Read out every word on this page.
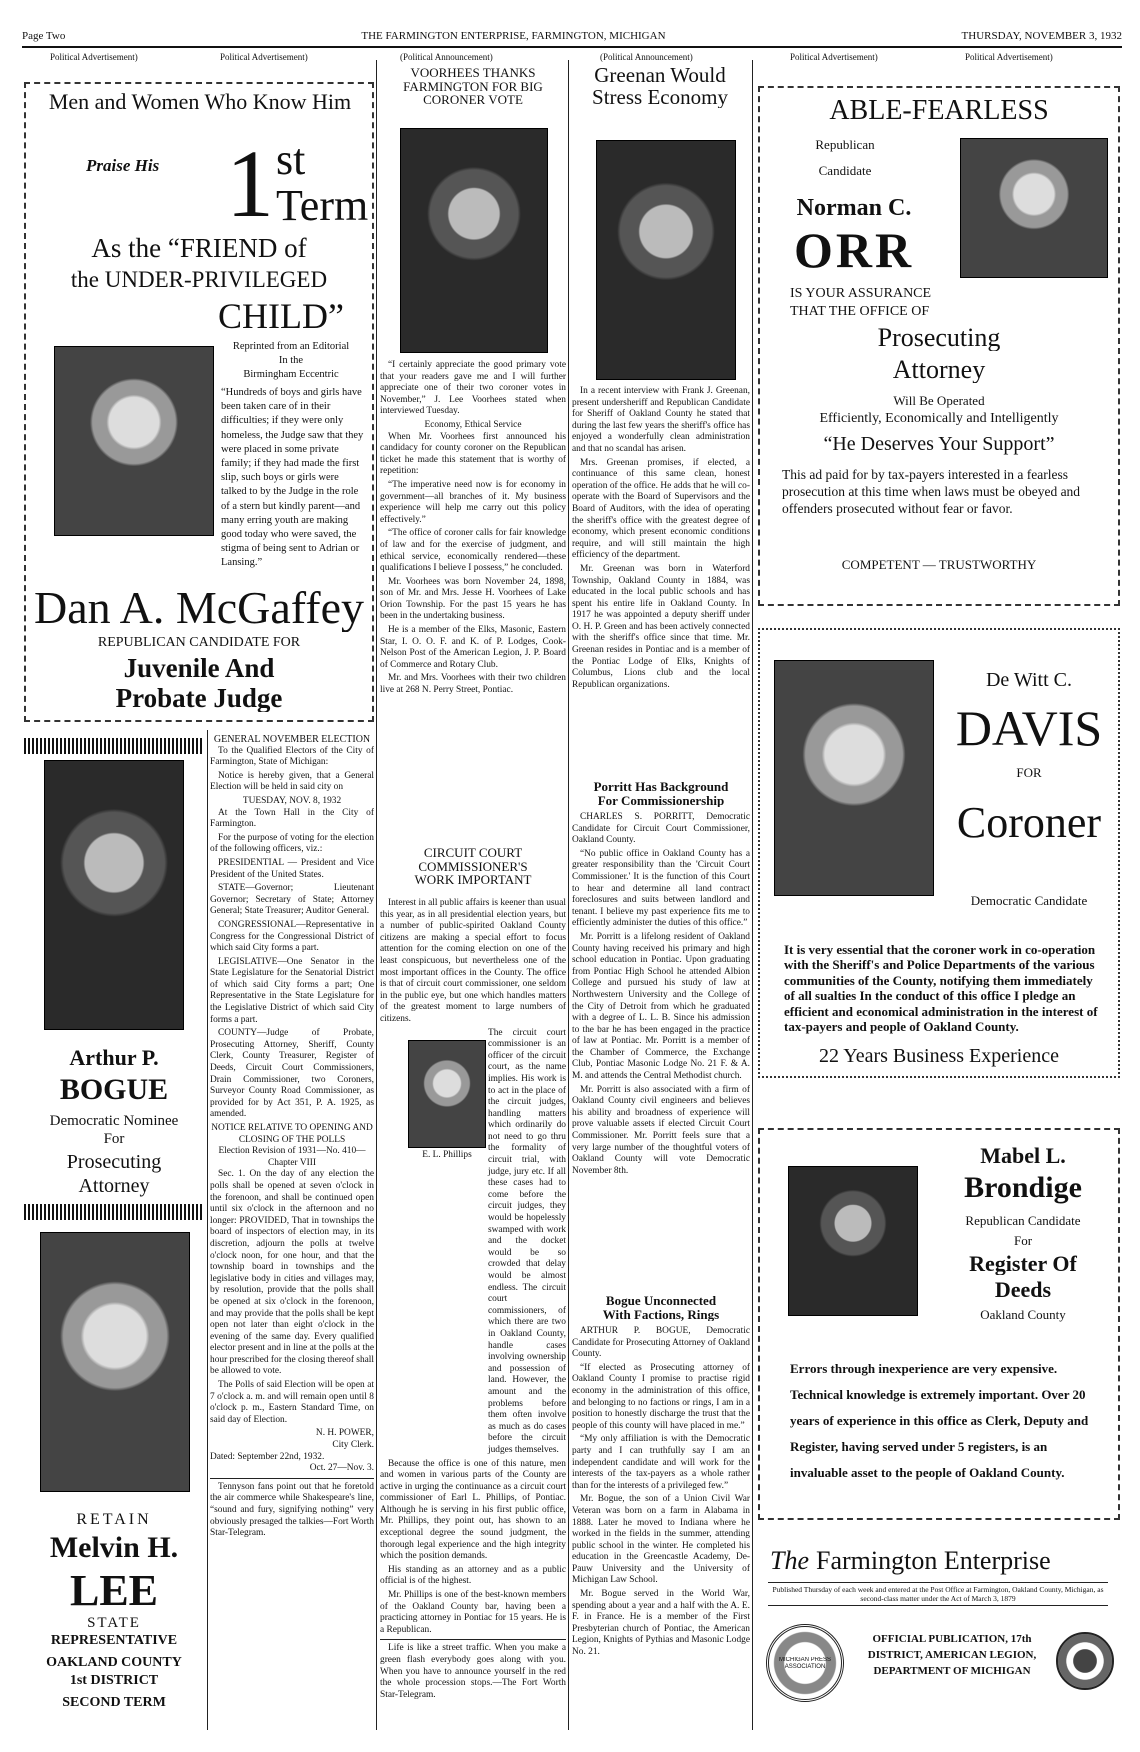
Page Two	THE FARMINGTON ENTERPRISE, FARMINGTON, MICHIGAN	THURSDAY, NOVEMBER 3, 1932
Political Advertisement)	Political Advertisement)	(Political Announcement)	(Political Announcement)	Political Advertisement)	Political Advertisement)
Men and Women Who Know Him
Praise His 1 st
Term
As the “FRIEND of
the UNDER-PRIVILEGED
CHILD”
Reprinted from an Editorial
In the
Birmingham Eccentric
“Hundreds of boys and girls have been taken care of in their difficulties; if they were only homeless, the Judge saw that they were placed in some private family; if they had made the first slip, such boys or girls were talked to by the Judge in the role of a stern but kindly parent—and many erring youth are making good today who were saved, the stigma of being sent to Adrian or Lansing.”
Dan A. McGaffey
REPUBLICAN CANDIDATE FOR
Juvenile And
Probate Judge
Arthur P.
BOGUE
Democratic Nominee
For
Prosecuting
Attorney
RETAIN
Melvin H.
LEE
STATE
REPRESENTATIVE
OAKLAND COUNTY
1st DISTRICT
SECOND TERM
GENERAL NOVEMBER ELECTION

To the Qualified Electors of the City of Farmington, State of Michigan:

Notice is hereby given, that a General Election will be held in said city on

TUESDAY, NOV. 8, 1932

At the Town Hall in the City of Farmington.

For the purpose of voting for the election of the following officers, viz.:

PRESIDENTIAL — President and Vice President of the United States.

STATE—Governor; Lieutenant Governor; Secretary of State; Attorney General; State Treasurer; Auditor General.

CONGRESSIONAL—Representative in Congress for the Congressional District of which said City forms a part.

LEGISLATIVE—One Senator in the State Legislature for the Senatorial District of which said City forms a part; One Representative in the State Legislature for the Legislative District of which said City forms a part.

COUNTY—Judge of Probate, Prosecuting Attorney, Sheriff, County Clerk, County Treasurer, Register of Deeds, Circuit Court Commissioners, Drain Commissioner, two Coroners, Surveyor County Road Commissioner, as provided for by Act 351, P. A. 1925, as amended.

NOTICE RELATIVE TO OPENING AND CLOSING OF THE POLLS
Election Revision of 1931—No. 410—Chapter VIII

Sec. 1. On the day of any election the polls shall be opened at seven o'clock in the forenoon, and shall be continued open until six o'clock in the afternoon and no longer: PROVIDED, That in townships the board of inspectors of election may, in its discretion, adjourn the polls at twelve o'clock noon, for one hour, and that the township board in townships and the legislative body in cities and villages may, by resolution, provide that the polls shall be opened at six o'clock in the forenoon, and may provide that the polls shall be kept open not later than eight o'clock in the evening of the same day. Every qualified elector present and in line at the polls at the hour prescribed for the closing thereof shall be allowed to vote.

The Polls of said Election will be open at 7 o'clock a. m. and will remain open until 8 o'clock p. m., Eastern Standard Time, on said day of Election.

N. H. POWER,
City Clerk.
Dated: September 22nd, 1932.
Oct. 27—Nov. 3.

Tennyson fans point out that he foretold the air commerce while Shakespeare's line, “sound and fury, signifying nothing” very obviously presaged the talkies—Fort Worth Star-Telegram.

VOORHEES THANKS FARMINGTON FOR BIG CORONER VOTE

“I certainly appreciate the good primary vote that your readers gave me and I will further appreciate one of their two coroner votes in November,” J. Lee Voorhees stated when interviewed Tuesday.

Economy, Ethical Service

When Mr. Voorhees first announced his candidacy for county coroner on the Republican ticket he made this statement that is worthy of repetition:

“The imperative need now is for economy in government—all branches of it. My business experience will help me carry out this policy effectively.”

“The office of coroner calls for fair knowledge of law and for the exercise of judgment, and ethical service, economically rendered—these qualifications I believe I possess,” he concluded.

Mr. Voorhees was born November 24, 1898, son of Mr. and Mrs. Jesse H. Voorhees of Lake Orion Township. For the past 15 years he has been in the undertaking business.

He is a member of the Elks, Masonic, Eastern Star, I. O. O. F. and K. of P. Lodges, Cook-Nelson Post of the American Legion, J. P. Board of Commerce and Rotary Club.

Mr. and Mrs. Voorhees with their two children live at 268 N. Perry Street, Pontiac.

CIRCUIT COURT
COMMISSIONER'S
WORK IMPORTANT
E. L. Phillips

Interest in all public affairs is keener than usual this year, as in all presidential election years, but a number of public-spirited Oakland County citizens are making a special effort to focus attention for the coming election on one of the least conspicuous, but nevertheless one of the most important offices in the County. The office is that of circuit court commissioner, one seldom in the public eye, but one which handles matters of the greatest moment to large numbers of citizens.

The circuit court commissioner is an officer of the circuit court, as the name implies. His work is to act in the place of the circuit judges, handling matters which ordinarily do not need to go thru the formality of circuit trial, with judge, jury etc. If all these cases had to come before the circuit judges, they would be hopelessly swamped with work and the docket would be so crowded that delay would be almost endless. The circuit court commissioners, of which there are two in Oakland County, handle cases involving ownership and possession of land. However, the amount and the problems before them often involve as much as do cases before the circuit judges themselves.

Because the office is one of this nature, men and women in various parts of the County are active in urging the continuance as a circuit court commissioner of Earl L. Phillips, of Pontiac. Although he is serving in his first public office, Mr. Phillips, they point out, has shown to an exceptional degree the sound judgment, the thorough legal experience and the high integrity which the position demands.

His standing as an attorney and as a public official is of the highest.

Mr. Phillips is one of the best-known members of the Oakland County bar, having been a practicing attorney in Pontiac for 15 years. He is a Republican.

Life is like a street traffic. When you make a green flash everybody goes along with you. When you have to announce yourself in the red the whole procession stops.—The Fort Worth Star-Telegram.

Greenan Would Stress Economy

In a recent interview with Frank J. Greenan, present undersheriff and Republican Candidate for Sheriff of Oakland County he stated that during the last few years the sheriff's office has enjoyed a wonderfully clean administration and that no scandal has arisen.

Mrs. Greenan promises, if elected, a continuance of this same clean, honest operation of the office. He adds that he will co-operate with the Board of Supervisors and the Board of Auditors, with the idea of operating the sheriff's office with the greatest degree of economy, which present economic conditions require, and will still maintain the high efficiency of the department.

Mr. Greenan was born in Waterford Township, Oakland County in 1884, was educated in the local public schools and has spent his entire life in Oakland County. In 1917 he was appointed a deputy sheriff under O. H. P. Green and has been actively connected with the sheriff's office since that time. Mr. Greenan resides in Pontiac and is a member of the Pontiac Lodge of Elks, Knights of Columbus, Lions club and the local Republican organizations.

Porritt Has Background
For Commissionership

CHARLES S. PORRITT, Democratic Candidate for Circuit Court Commissioner, Oakland County.

“No public office in Oakland County has a greater responsibility than the 'Circuit Court Commissioner.' It is the function of this Court to hear and determine all land contract foreclosures and suits between landlord and tenant. I believe my past experience fits me to efficiently administer the duties of this office.”

Mr. Porritt is a lifelong resident of Oakland County having received his primary and high school education in Pontiac. Upon graduating from Pontiac High School he attended Albion College and pursued his study of law at Northwestern University and the College of the City of Detroit from which he graduated with a degree of L. L. B. Since his admission to the bar he has been engaged in the practice of law at Pontiac. Mr. Porritt is a member of the Chamber of Commerce, the Exchange Club, Pontiac Masonic Lodge No. 21 F. & A. M. and attends the Central Methodist church.

Mr. Porritt is also associated with a firm of Oakland County civil engineers and believes his ability and broadness of experience will prove valuable assets if elected Circuit Court Commissioner. Mr. Porritt feels sure that a very large number of the thoughtful voters of Oakland County will vote Democratic November 8th.

Bogue Unconnected
With Factions, Rings

ARTHUR P. BOGUE, Democratic Candidate for Prosecuting Attorney of Oakland County.

“If elected as Prosecuting attorney of Oakland County I promise to practise rigid economy in the administration of this office, and belonging to no factions or rings, I am in a position to honestly discharge the trust that the people of this county will have placed in me.”

“My only affiliation is with the Democratic party and I can truthfully say I am an independent candidate and will work for the interests of the tax-payers as a whole rather than for the interests of a privileged few.”

Mr. Bogue, the son of a Union Civil War Veteran was born on a farm in Alabama in 1888. Later he moved to Indiana where he worked in the fields in the summer, attending public school in the winter. He completed his education in the Greencastle Academy, De-Pauw University and the University of Michigan Law School.

Mr. Bogue served in the World War, spending about a year and a half with the A. E. F. in France. He is a member of the First Presbyterian church of Pontiac, the American Legion, Knights of Pythias and Masonic Lodge No. 21.

ABLE-FEARLESS
Republican
Candidate
Norman C.
ORR
IS YOUR ASSURANCE
THAT THE OFFICE OF
Prosecuting
Attorney
Will Be Operated
Efficiently, Economically and Intelligently
“He Deserves Your Support”
This ad paid for by tax-payers interested in a fearless prosecution at this time when laws must be obeyed and offenders prosecuted without fear or favor.
COMPETENT — TRUSTWORTHY
De Witt C.
DAVIS
FOR
Coroner
Democratic Candidate
It is very essential that the coroner work in co-operation with the Sheriff's and Police Departments of the various communities of the County, notifying them immediately of all sualties In the conduct of this office I pledge an efficient and economical administration in the interest of tax-payers and people of Oakland County.
22 Years Business Experience
Mabel L.
Brondige
Republican Candidate
For
Register Of
Deeds
Oakland County
Errors through inexperience are very expensive. Technical knowledge is extremely important. Over 20 years of experience in this office as Clerk, Deputy and Register, having served under 5 registers, is an invaluable asset to the people of Oakland County.
The Farmington Enterprise
Published Thursday of each week and entered at the Post Office at Farmington, Oakland County, Michigan, as second-class matter under the Act of March 3, 1879
MICHIGAN PRESS ASSOCIATION
OFFICIAL PUBLICATION, 17th
DISTRICT, AMERICAN LEGION,
DEPARTMENT OF MICHIGAN
